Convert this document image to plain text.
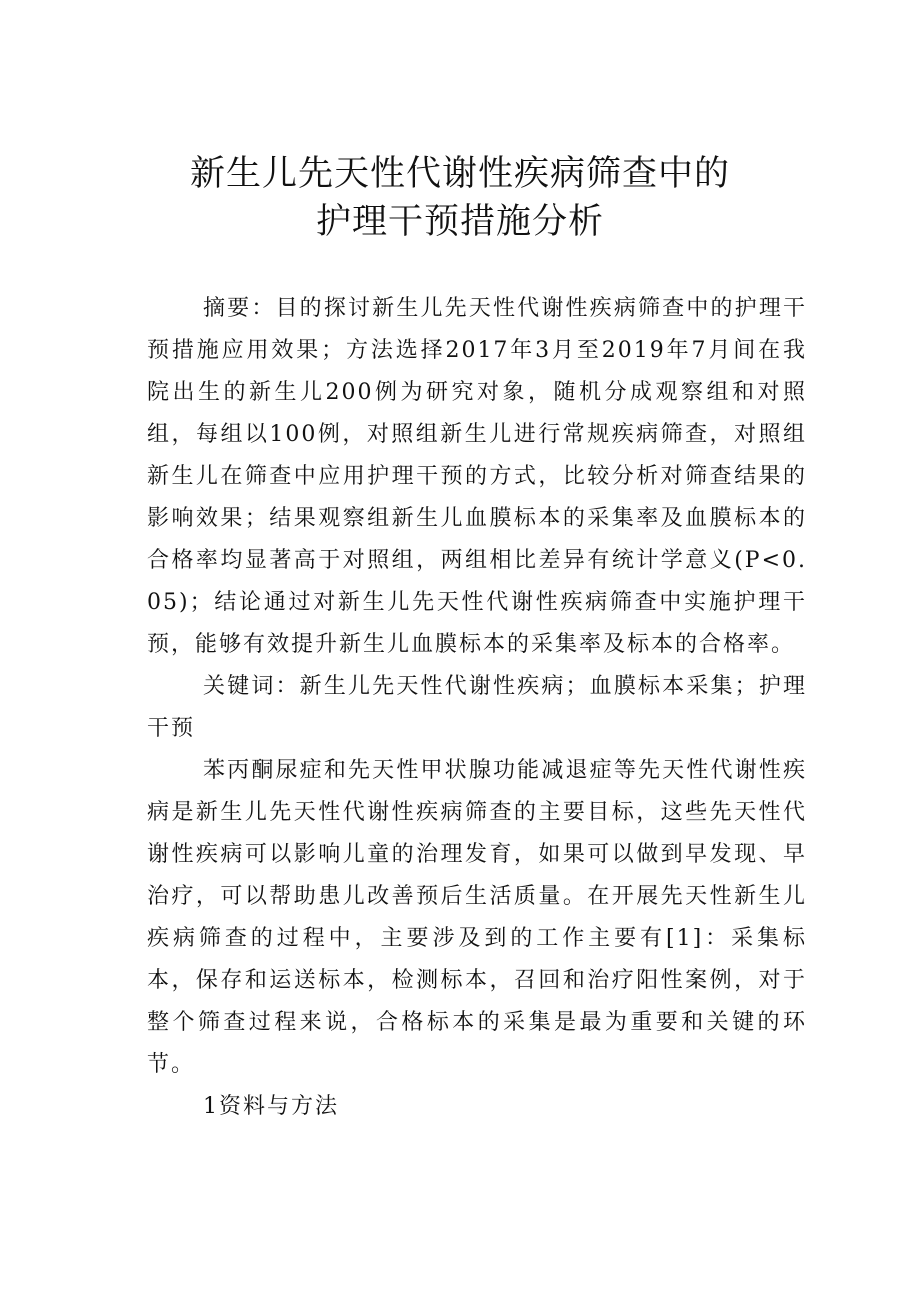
新生儿先天性代谢性疾病筛查中的
护理干预措施分析

摘要：目的探讨新生儿先天性代谢性疾病筛查中的护理干预措施应用效果；方法选择2017年3月至2019年7月间在我院出生的新生儿200例为研究对象，随机分成观察组和对照组，每组以100例，对照组新生儿进行常规疾病筛查，对照组新生儿在筛查中应用护理干预的方式，比较分析对筛查结果的影响效果；结果观察组新生儿血膜标本的采集率及血膜标本的合格率均显著高于对照组，两组相比差异有统计学意义(P<0.05)；结论通过对新生儿先天性代谢性疾病筛查中实施护理干预，能够有效提升新生儿血膜标本的采集率及标本的合格率。

关键词：新生儿先天性代谢性疾病；血膜标本采集；护理干预

苯丙酮尿症和先天性甲状腺功能减退症等先天性代谢性疾病是新生儿先天性代谢性疾病筛查的主要目标，这些先天性代谢性疾病可以影响儿童的治理发育，如果可以做到早发现、早治疗，可以帮助患儿改善预后生活质量。在开展先天性新生儿疾病筛查的过程中，主要涉及到的工作主要有[1]：采集标本，保存和运送标本，检测标本，召回和治疗阳性案例，对于整个筛查过程来说，合格标本的采集是最为重要和关键的环节。

1资料与方法
